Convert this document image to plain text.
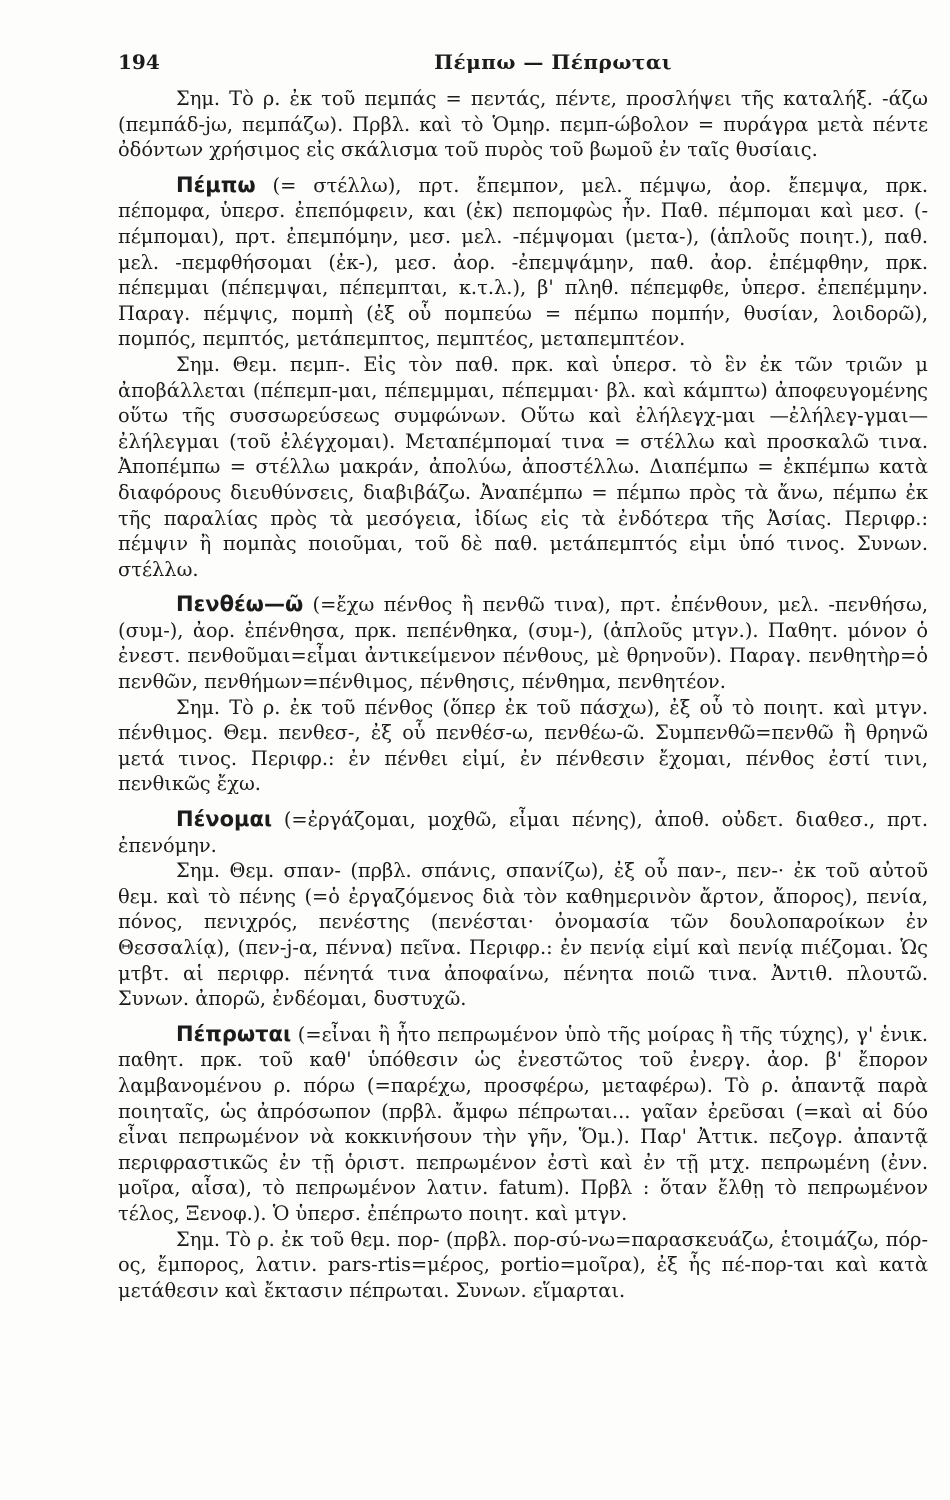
194	Πέμπω — Πέπρωται

Σημ. Τὸ ρ. ἐκ τοῦ πεμπάς = πεντάς, πέντε, προσλήψει τῆς καταλήξ. -άζω (πεμπάδ-jω, πεμπάζω). Πρβλ. καὶ τὸ Ὁμηρ. πεμπ-ώβολον = πυράγρα μετὰ πέντε ὀδόντων χρήσιμος εἰς σκάλισμα τοῦ πυρὸς τοῦ βωμοῦ ἐν ταῖς θυσίαις.

Πέμπω (= στέλλω), πρτ. ἔπεμπον, μελ. πέμψω, ἀορ. ἔπεμψα, πρκ. πέπομφα, ὑπερσ. ἐπεπόμφειν, και (ἐκ) πεπομφὼς ἦν. Παθ. πέμπομαι καὶ μεσ. (-πέμπομαι), πρτ. ἐπεμπόμην, μεσ. μελ. -πέμψομαι (μετα-), (ἁπλοῦς ποιητ.), παθ. μελ. -πεμφθήσομαι (ἐκ-), μεσ. ἀορ. -ἐπεμψάμην, παθ. ἀορ. ἐπέμφθην, πρκ. πέπεμμαι (πέπεμψαι, πέπεμπται, κ.τ.λ.), β' πληθ. πέπεμφθε, ὑπερσ. ἐπεπέμμην. Παραγ. πέμψις, πομπὴ (ἐξ οὗ πομπεύω = πέμπω πομπήν, θυσίαν, λοιδορῶ), πομπός, πεμπτός, μετάπεμπτος, πεμπτέος, μεταπεμπτέον.

Σημ. Θεμ. πεμπ-. Εἰς τὸν παθ. πρκ. καὶ ὑπερσ. τὸ ἓν ἐκ τῶν τριῶν μ ἀποβάλλεται (πέπεμπ-μαι, πέπεμμμαι, πέπεμμαι· βλ. καὶ κάμπτω) ἀποφευγομένης οὕτω τῆς συσσωρεύσεως συμφώνων. Οὕτω καὶ ἐλήλεγχ-μαι —ἐλήλεγ-γμαι—ἐλήλεγμαι (τοῦ ἐλέγχομαι). Μεταπέμπομαί τινα = στέλλω καὶ προσκαλῶ τινα. Ἀποπέμπω = στέλλω μακράν, ἀπολύω, ἀποστέλλω. Διαπέμπω = ἐκπέμπω κατὰ διαφόρους διευθύνσεις, διαβιβάζω. Ἀναπέμπω = πέμπω πρὸς τὰ ἄνω, πέμπω ἐκ τῆς παραλίας πρὸς τὰ μεσόγεια, ἰδίως εἰς τὰ ἐνδότερα τῆς Ἀσίας. Περιφρ.: πέμψιν ἢ πομπὰς ποιοῦμαι, τοῦ δὲ παθ. μετάπεμπτός εἰμι ὑπό τινος. Συνων. στέλλω.

Πενθέω—ῶ (=ἔχω πένθος ἢ πενθῶ τινα), πρτ. ἐπένθουν, μελ. -πενθήσω, (συμ-), ἀορ. ἐπένθησα, πρκ. πεπένθηκα, (συμ-), (ἁπλοῦς μτγν.). Παθητ. μόνον ὁ ἐνεστ. πενθοῦμαι=εἶμαι ἀντικείμενον πένθους, μὲ θρηνοῦν). Παραγ. πενθητὴρ=ὁ πενθῶν, πενθήμων=πένθιμος, πένθησις, πένθημα, πενθητέον.

Σημ. Τὸ ρ. ἐκ τοῦ πένθος (ὅπερ ἐκ τοῦ πάσχω), ἐξ οὗ τὸ ποιητ. καὶ μτγν. πένθιμος. Θεμ. πενθεσ-, ἐξ οὗ πενθέσ-ω, πενθέω-ῶ. Συμπενθῶ=πενθῶ ἢ θρηνῶ μετά τινος. Περιφρ.: ἐν πένθει εἰμί, ἐν πένθεσιν ἔχομαι, πένθος ἐστί τινι, πενθικῶς ἔχω.

Πένομαι (=ἐργάζομαι, μοχθῶ, εἶμαι πένης), ἀποθ. οὐδετ. διαθεσ., πρτ. ἐπενόμην.

Σημ. Θεμ. σπαν- (πρβλ. σπάνις, σπανίζω), ἐξ οὗ παν-, πεν-· ἐκ τοῦ αὐτοῦ θεμ. καὶ τὸ πένης (=ὁ ἐργαζόμενος διὰ τὸν καθημερινὸν ἄρτον, ἄπορος), πενία, πόνος, πενιχρός, πενέστης (πενέσται· ὀνομασία τῶν δουλοπαροίκων ἐν Θεσσαλίᾳ), (πεν-j-α, πέννα) πεῖνα. Περιφρ.: ἐν πενίᾳ εἰμί καὶ πενίᾳ πιέζομαι. Ὡς μτβτ. αἱ περιφρ. πένητά τινα ἀποφαίνω, πένητα ποιῶ τινα. Ἀντιθ. πλουτῶ. Συνων. ἀπορῶ, ἐνδέομαι, δυστυχῶ.

Πέπρωται (=εἶναι ἢ ἦτο πεπρωμένον ὑπὸ τῆς μοίρας ἢ τῆς τύχης), γ' ἑνικ. παθητ. πρκ. τοῦ καθ' ὑπόθεσιν ὡς ἐνεστῶτος τοῦ ἐνεργ. ἀορ. β' ἔπορον λαμβανομένου ρ. πόρω (=παρέχω, προσφέρω, μεταφέρω). Τὸ ρ. ἀπαντᾷ παρὰ ποιηταῖς, ὡς ἀπρόσωπον (πρβλ. ἄμφω πέπρωται... γαῖαν ἐρεῦσαι (=καὶ αἱ δύο εἶναι πεπρωμένον νὰ κοκκινήσουν τὴν γῆν, Ὅμ.). Παρ' Ἀττικ. πεζογρ. ἀπαντᾷ περιφραστικῶς ἐν τῇ ὁριστ. πεπρωμένον ἐστὶ καὶ ἐν τῇ μτχ. πεπρωμένη (ἐνν. μοῖρα, αἶσα), τὸ πεπρωμένον λατιν. fatum). Πρβλ : ὅταν ἔλθῃ τὸ πεπρωμένον τέλος, Ξενοφ.). Ὁ ὑπερσ. ἐπέπρωτο ποιητ. καὶ μτγν.

Σημ. Τὸ ρ. ἐκ τοῦ θεμ. πορ- (πρβλ. πορ-σύ-νω=παρασκευάζω, ἑτοιμάζω, πόρ-ος, ἔμπορος, λατιν. pars-rtis=μέρος, portio=μοῖρα), ἐξ ἧς πέ-πορ-ται καὶ κατὰ μετάθεσιν καὶ ἔκτασιν πέπρωται. Συνων. εἵμαρται.
